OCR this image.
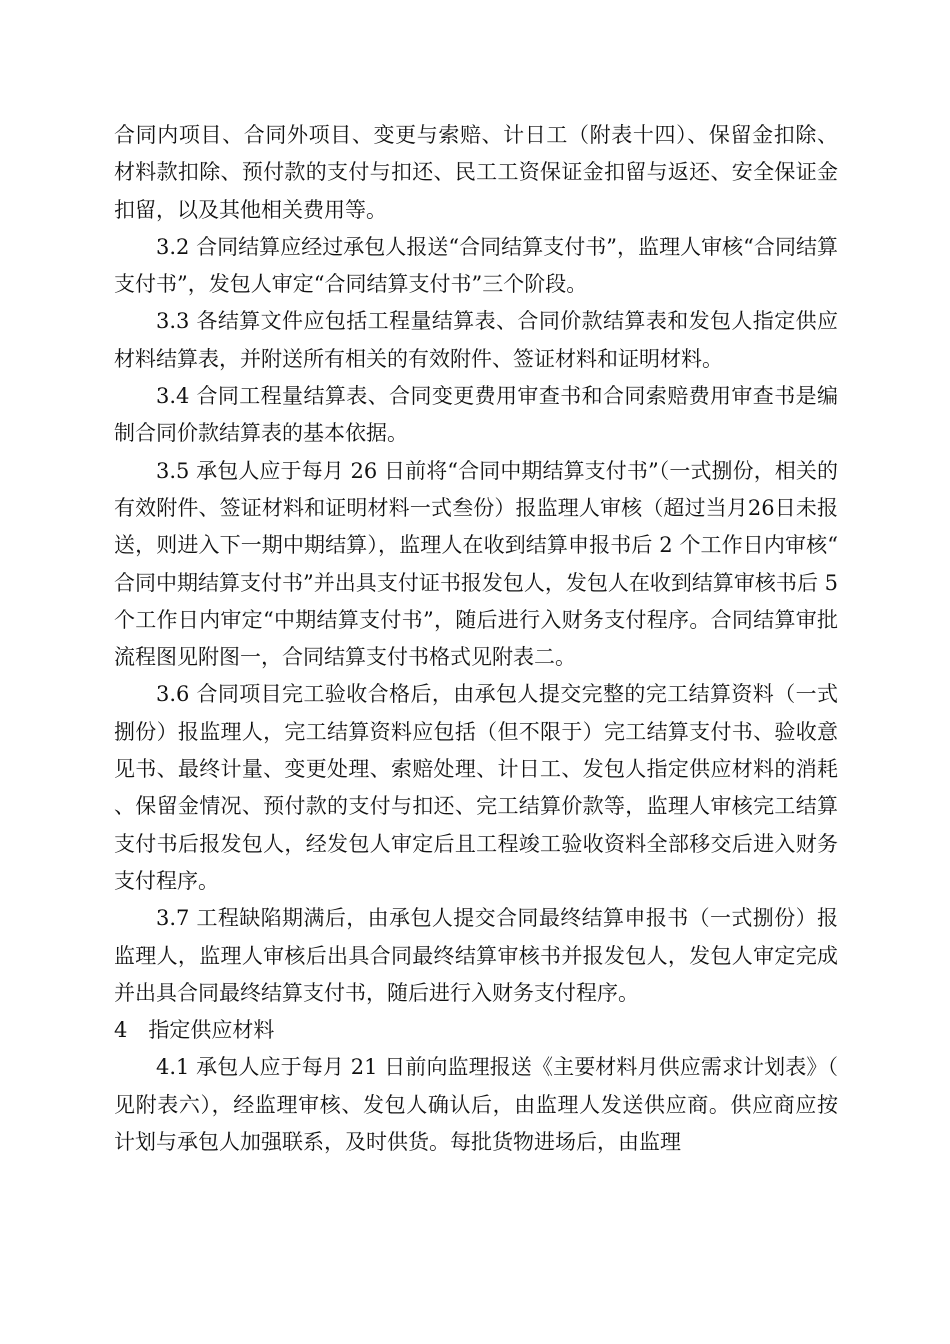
合同内项目、合同外项目、变更与索赔、计日工（附表十四）、保留金扣除、材料款扣除、预付款的支付与扣还、民工工资保证金扣留与返还、安全保证金扣留，以及其他相关费用等。

3.2 合同结算应经过承包人报送“合同结算支付书”，监理人审核“合同结算支付书”，发包人审定“合同结算支付书”三个阶段。

3.3 各结算文件应包括工程量结算表、合同价款结算表和发包人指定供应材料结算表，并附送所有相关的有效附件、签证材料和证明材料。

3.4 合同工程量结算表、合同变更费用审查书和合同索赔费用审查书是编制合同价款结算表的基本依据。

3.5 承包人应于每月 26 日前将“合同中期结算支付书”（一式捌份，相关的有效附件、签证材料和证明材料一式叁份）报监理人审核（超过当月26日未报送，则进入下一期中期结算），监理人在收到结算申报书后 2 个工作日内审核“合同中期结算支付书”并出具支付证书报发包人，发包人在收到结算审核书后 5 个工作日内审定“中期结算支付书”，随后进行入财务支付程序。合同结算审批流程图见附图一，合同结算支付书格式见附表二。

3.6 合同项目完工验收合格后，由承包人提交完整的完工结算资料（一式捌份）报监理人，完工结算资料应包括（但不限于）完工结算支付书、验收意见书、最终计量、变更处理、索赔处理、计日工、发包人指定供应材料的消耗、保留金情况、预付款的支付与扣还、完工结算价款等，监理人审核完工结算支付书后报发包人，经发包人审定后且工程竣工验收资料全部移交后进入财务支付程序。

3.7 工程缺陷期满后，由承包人提交合同最终结算申报书（一式捌份）报监理人，监理人审核后出具合同最终结算审核书并报发包人，发包人审定完成并出具合同最终结算支付书，随后进行入财务支付程序。

4　指定供应材料

4.1 承包人应于每月 21 日前向监理报送《主要材料月供应需求计划表》（见附表六），经监理审核、发包人确认后，由监理人发送供应商。供应商应按计划与承包人加强联系，及时供货。每批货物进场后，由监理
